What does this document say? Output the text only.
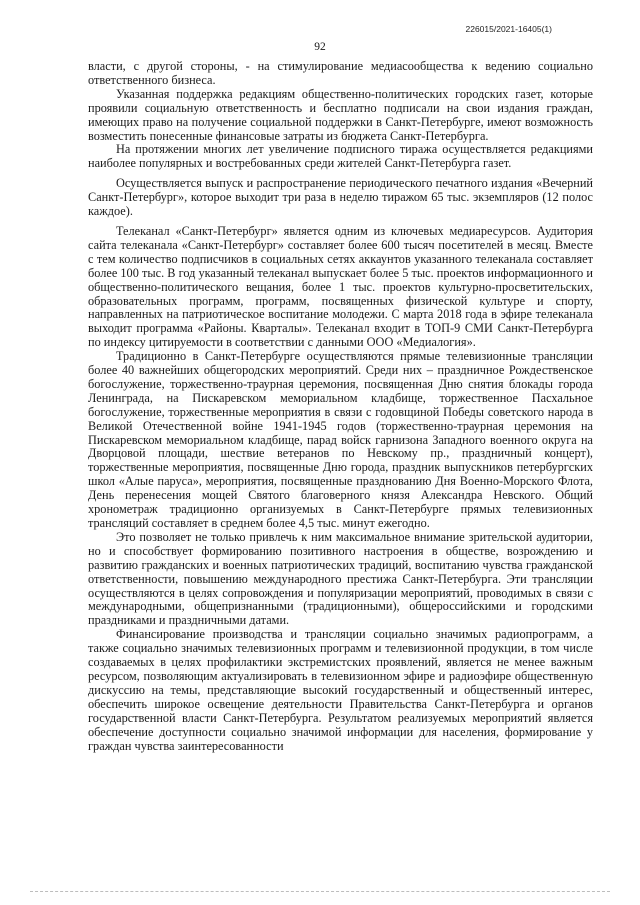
226015/2021-16405(1)
92

власти, с другой стороны, - на стимулирование медиасообщества к ведению социально ответственного бизнеса.

Указанная поддержка редакциям общественно-политических городских газет, которые проявили социальную ответственность и бесплатно подписали на свои издания граждан, имеющих право на получение социальной поддержки в Санкт-Петербурге, имеют возможность возместить понесенные финансовые затраты из бюджета Санкт-Петербурга.

На протяжении многих лет увеличение подписного тиража осуществляется редакциями наиболее популярных и востребованных среди жителей Санкт-Петербурга газет.

Осуществляется выпуск и распространение периодического печатного издания «Вечерний Санкт-Петербург», которое выходит три раза в неделю тиражом 65 тыс. экземпляров (12 полос каждое).

Телеканал «Санкт-Петербург» является одним из ключевых медиаресурсов. Аудитория сайта телеканала «Санкт-Петербург» составляет более 600 тысяч посетителей в месяц. Вместе с тем количество подписчиков в социальных сетях аккаунтов указанного телеканала составляет более 100 тыс. В год указанный телеканал выпускает более 5 тыс. проектов информационного и общественно-политического вещания, более 1 тыс. проектов культурно-просветительских, образовательных программ, программ, посвященных физической культуре и спорту, направленных на патриотическое воспитание молодежи. С марта 2018 года в эфире телеканала выходит программа «Районы. Кварталы». Телеканал входит в ТОП-9 СМИ Санкт-Петербурга по индексу цитируемости в соответствии с данными ООО «Медиалогия».

Традиционно в Санкт-Петербурге осуществляются прямые телевизионные трансляции более 40 важнейших общегородских мероприятий. Среди них – праздничное Рождественское богослужение, торжественно-траурная церемония, посвященная Дню снятия блокады города Ленинграда, на Пискаревском мемориальном кладбище, торжественное Пасхальное богослужение, торжественные мероприятия в связи с годовщиной Победы советского народа в Великой Отечественной войне 1941-1945 годов (торжественно-траурная церемония на Пискаревском мемориальном кладбище, парад войск гарнизона Западного военного округа на Дворцовой площади, шествие ветеранов по Невскому пр., праздничный концерт), торжественные мероприятия, посвященные Дню города, праздник выпускников петербургских школ «Алые паруса», мероприятия, посвященные празднованию Дня Военно-Морского Флота, День перенесения мощей Святого благоверного князя Александра Невского. Общий хронометраж традиционно организуемых в Санкт-Петербурге прямых телевизионных трансляций составляет в среднем более 4,5 тыс. минут ежегодно.

Это позволяет не только привлечь к ним максимальное внимание зрительской аудитории, но и способствует формированию позитивного настроения в обществе, возрождению и развитию гражданских и военных патриотических традиций, воспитанию чувства гражданской ответственности, повышению международного престижа Санкт-Петербурга. Эти трансляции осуществляются в целях сопровождения и популяризации мероприятий, проводимых в связи с международными, общепризнанными (традиционными), общероссийскими и городскими праздниками и праздничными датами.

Финансирование производства и трансляции социально значимых радиопрограмм, а также социально значимых телевизионных программ и телевизионной продукции, в том числе создаваемых в целях профилактики экстремистских проявлений, является не менее важным ресурсом, позволяющим актуализировать в телевизионном эфире и радиоэфире общественную дискуссию на темы, представляющие высокий государственный и общественный интерес, обеспечить широкое освещение деятельности Правительства Санкт-Петербурга и органов государственной власти Санкт-Петербурга. Результатом реализуемых мероприятий является обеспечение доступности социально значимой информации для населения, формирование у граждан чувства заинтересованности
